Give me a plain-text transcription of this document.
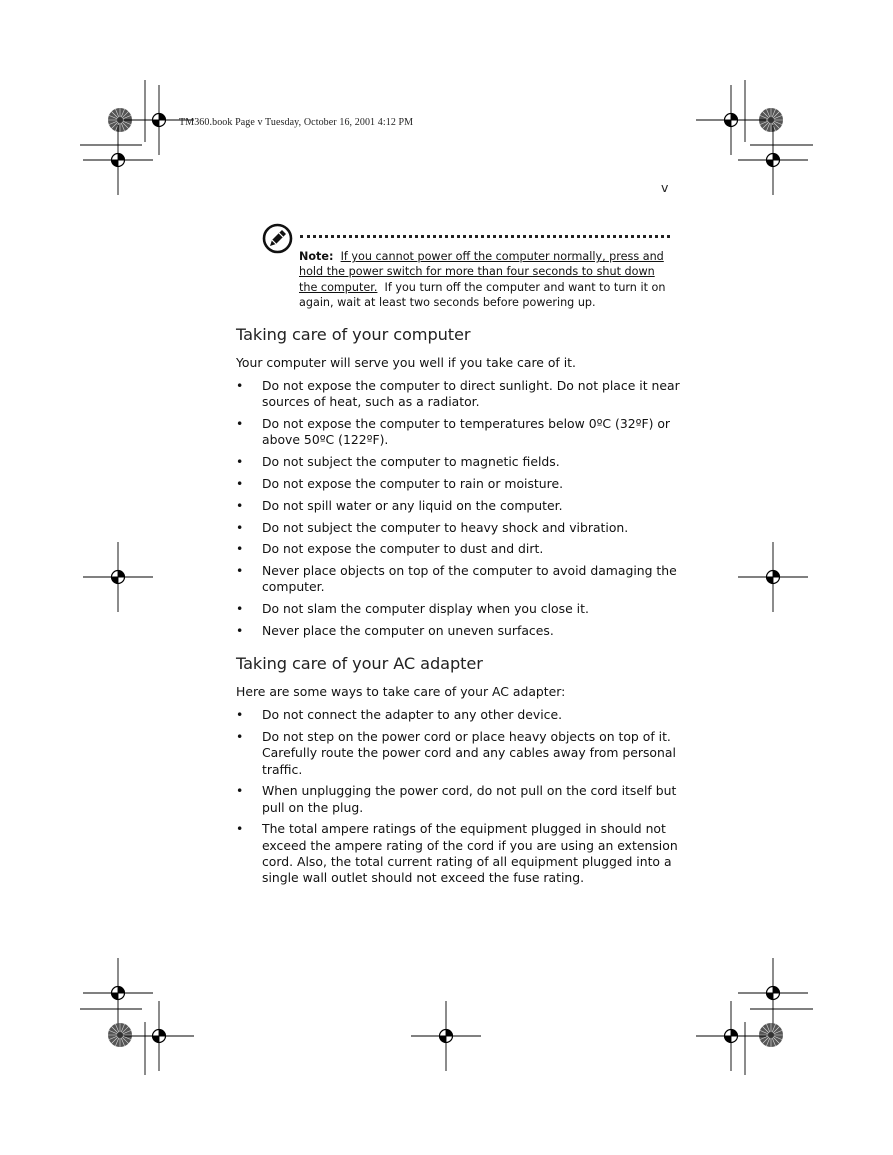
TM360.book Page v Tuesday, October 16, 2001 4:12 PM
v
Note: If you cannot power off the computer normally, press and hold the power switch for more than four seconds to shut down the computer. If you turn off the computer and want to turn it on again, wait at least two seconds before powering up.
Taking care of your computer

Your computer will serve you well if you take care of it.

• Do not expose the computer to direct sunlight. Do not place it near sources of heat, such as a radiator.
• Do not expose the computer to temperatures below 0ºC (32ºF) or above 50ºC (122ºF).
• Do not subject the computer to magnetic fields.
• Do not expose the computer to rain or moisture.
• Do not spill water or any liquid on the computer.
• Do not subject the computer to heavy shock and vibration.
• Do not expose the computer to dust and dirt.
• Never place objects on top of the computer to avoid damaging the computer.
• Do not slam the computer display when you close it.
• Never place the computer on uneven surfaces.
Taking care of your AC adapter

Here are some ways to take care of your AC adapter:

• Do not connect the adapter to any other device.
• Do not step on the power cord or place heavy objects on top of it. Carefully route the power cord and any cables away from personal traffic.
• When unplugging the power cord, do not pull on the cord itself but pull on the plug.
• The total ampere ratings of the equipment plugged in should not exceed the ampere rating of the cord if you are using an extension cord. Also, the total current rating of all equipment plugged into a single wall outlet should not exceed the fuse rating.
